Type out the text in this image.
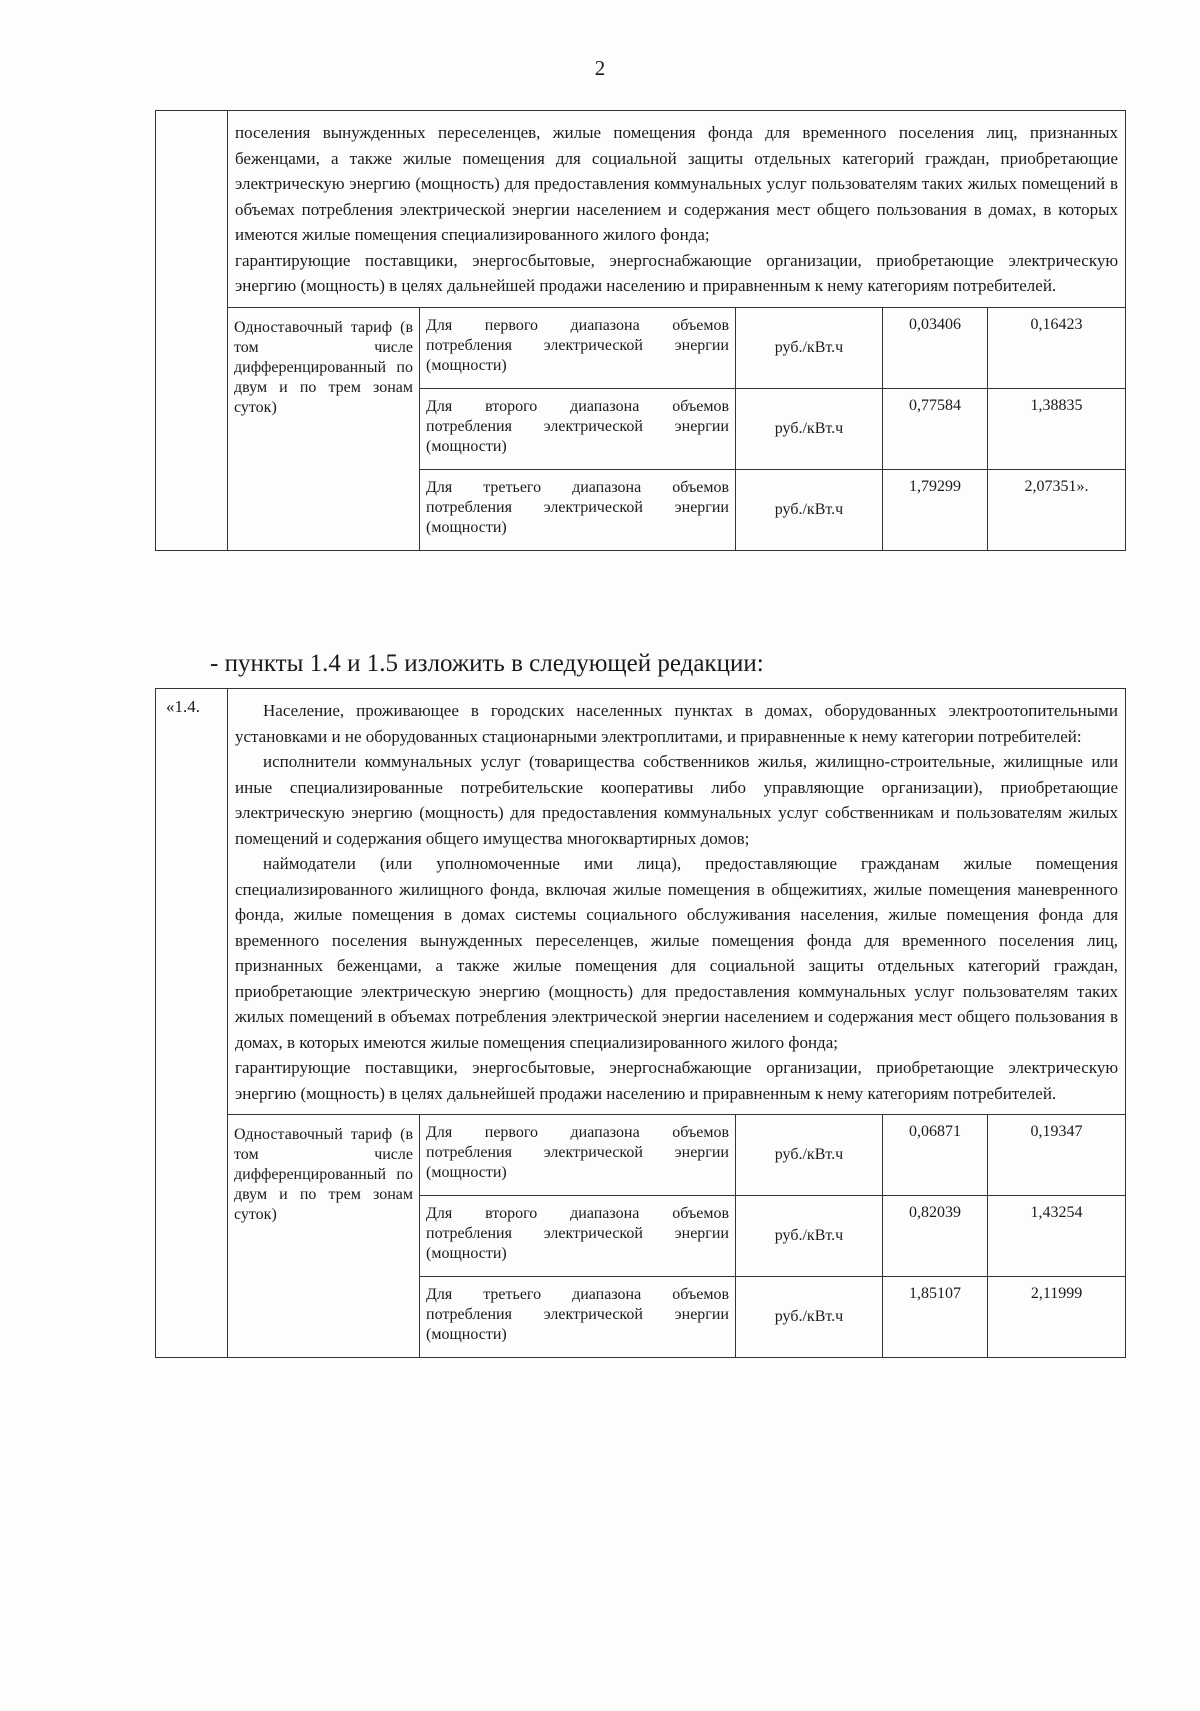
2

	поселения вынужденных переселенцев, жилые помещения фонда для временного поселения лиц, признанных беженцами, а также жилые помещения для социальной защиты отдельных категорий граждан, приобретающие электрическую энергию (мощность) для предоставления коммунальных услуг пользователям таких жилых помещений в объемах потребления электрической энергии населением и содержания мест общего пользования в домах, в которых имеются жилые помещения специализированного жилого фонда;

гарантирующие поставщики, энергосбытовые, энергоснабжающие организации, приобретающие электрическую энергию (мощность) в целях дальнейшей продажи населению и приравненным к нему категориям потребителей.				

	Одноставочный тариф (в том числе дифференцированный по двум и по трем зонам суток)	Для первого диапазона объемов потребления электрической энергии (мощности)	руб./кВт.ч	0,03406	0,16423
		Для второго диапазона объемов потребления электрической энергии (мощности)	руб./кВт.ч	0,77584	1,38835
		Для третьего диапазона объемов потребления электрической энергии (мощности)	руб./кВт.ч	1,79299	2,07351».
- пункты 1.4 и 1.5 изложить в следующей редакции:
«1.4.	Население, проживающее в городских населенных пунктах в домах, оборудованных электроотопительными установками и не оборудованных стационарными электроплитами, и приравненные к нему категории потребителей:

исполнители коммунальных услуг (товарищества собственников жилья, жилищно-строительные, жилищные или иные специализированные потребительские кооперативы либо управляющие организации), приобретающие электрическую энергию (мощность) для предоставления коммунальных услуг собственникам и пользователям жилых помещений и содержания общего имущества многоквартирных домов;

наймодатели (или уполномоченные ими лица), предоставляющие гражданам жилые помещения специализированного жилищного фонда, включая жилые помещения в общежитиях, жилые помещения маневренного фонда, жилые помещения в домах системы социального обслуживания населения, жилые помещения фонда для временного поселения вынужденных переселенцев, жилые помещения фонда для временного поселения лиц, признанных беженцами, а также жилые помещения для социальной защиты отдельных категорий граждан, приобретающие электрическую энергию (мощность) для предоставления коммунальных услуг пользователям таких жилых помещений в объемах потребления электрической энергии населением и содержания мест общего пользования в домах, в которых имеются жилые помещения специализированного жилого фонда;

гарантирующие поставщики, энергосбытовые, энергоснабжающие организации, приобретающие электрическую энергию (мощность) в целях дальнейшей продажи населению и приравненным к нему категориям потребителей.				

	Одноставочный тариф (в том числе дифференцированный по двум и по трем зонам суток)	Для первого диапазона объемов потребления электрической энергии (мощности)	руб./кВт.ч	0,06871	0,19347
		Для второго диапазона объемов потребления электрической энергии (мощности)	руб./кВт.ч	0,82039	1,43254
		Для третьего диапазона объемов потребления электрической энергии (мощности)	руб./кВт.ч	1,85107	2,11999
